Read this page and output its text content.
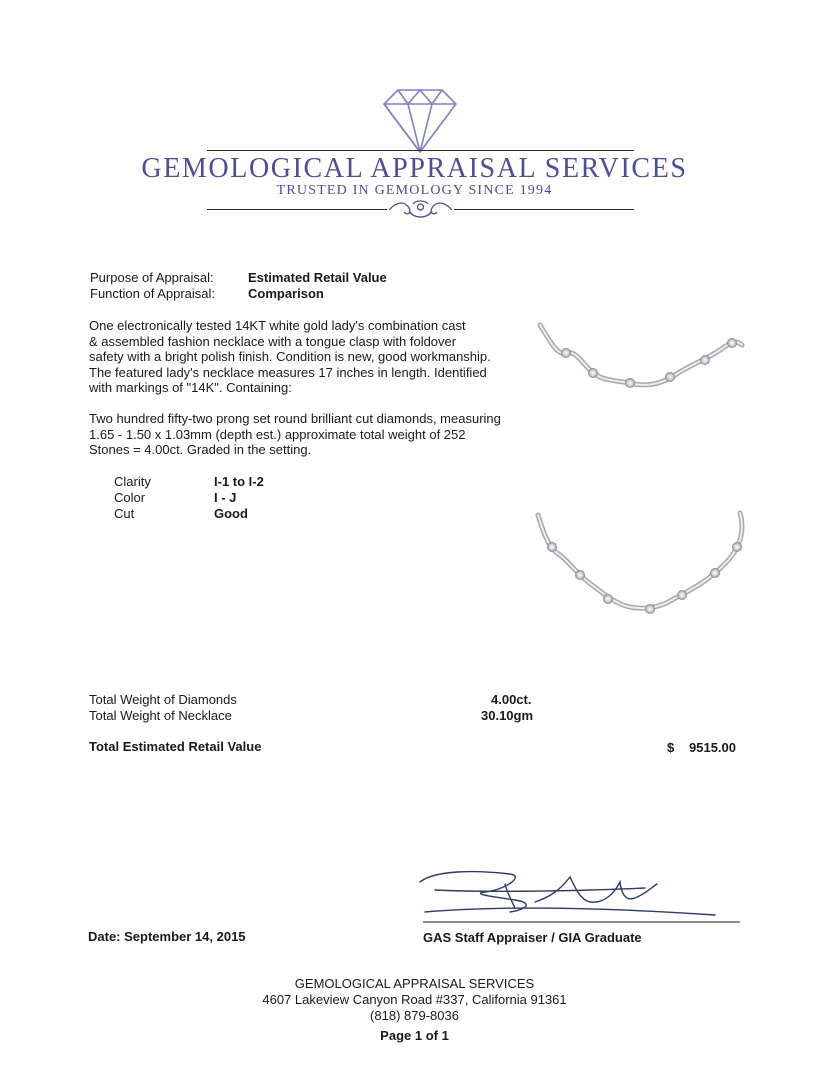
GEMOLOGICAL APPRAISAL SERVICES
TRUSTED IN GEMOLOGY SINCE 1994
Purpose of Appraisal:	Estimated Retail Value
Function of Appraisal:	Comparison
One electronically tested 14KT white gold lady's combination cast
& assembled fashion necklace with a tongue clasp with foldover
safety with a bright polish finish. Condition is new, good workmanship.
The featured lady's necklace measures 17 inches in length. Identified
with markings of "14K". Containing:
Two hundred fifty-two prong set round brilliant cut diamonds, measuring
1.65 - 1.50 x 1.03mm (depth est.) approximate total weight of 252
Stones = 4.00ct. Graded in the setting.
Clarity	I-1 to I-2
Color	I - J
Cut	Good
Total Weight of Diamonds	4.00ct.
Total Weight of Necklace	30.10gm
Total Estimated Retail Value	$ 9515.00
Date: September 14, 2015	GAS Staff Appraiser / GIA Graduate
GEMOLOGICAL APPRAISAL SERVICES
4607 Lakeview Canyon Road #337, California 91361
(818) 879-8036
Page 1 of 1
